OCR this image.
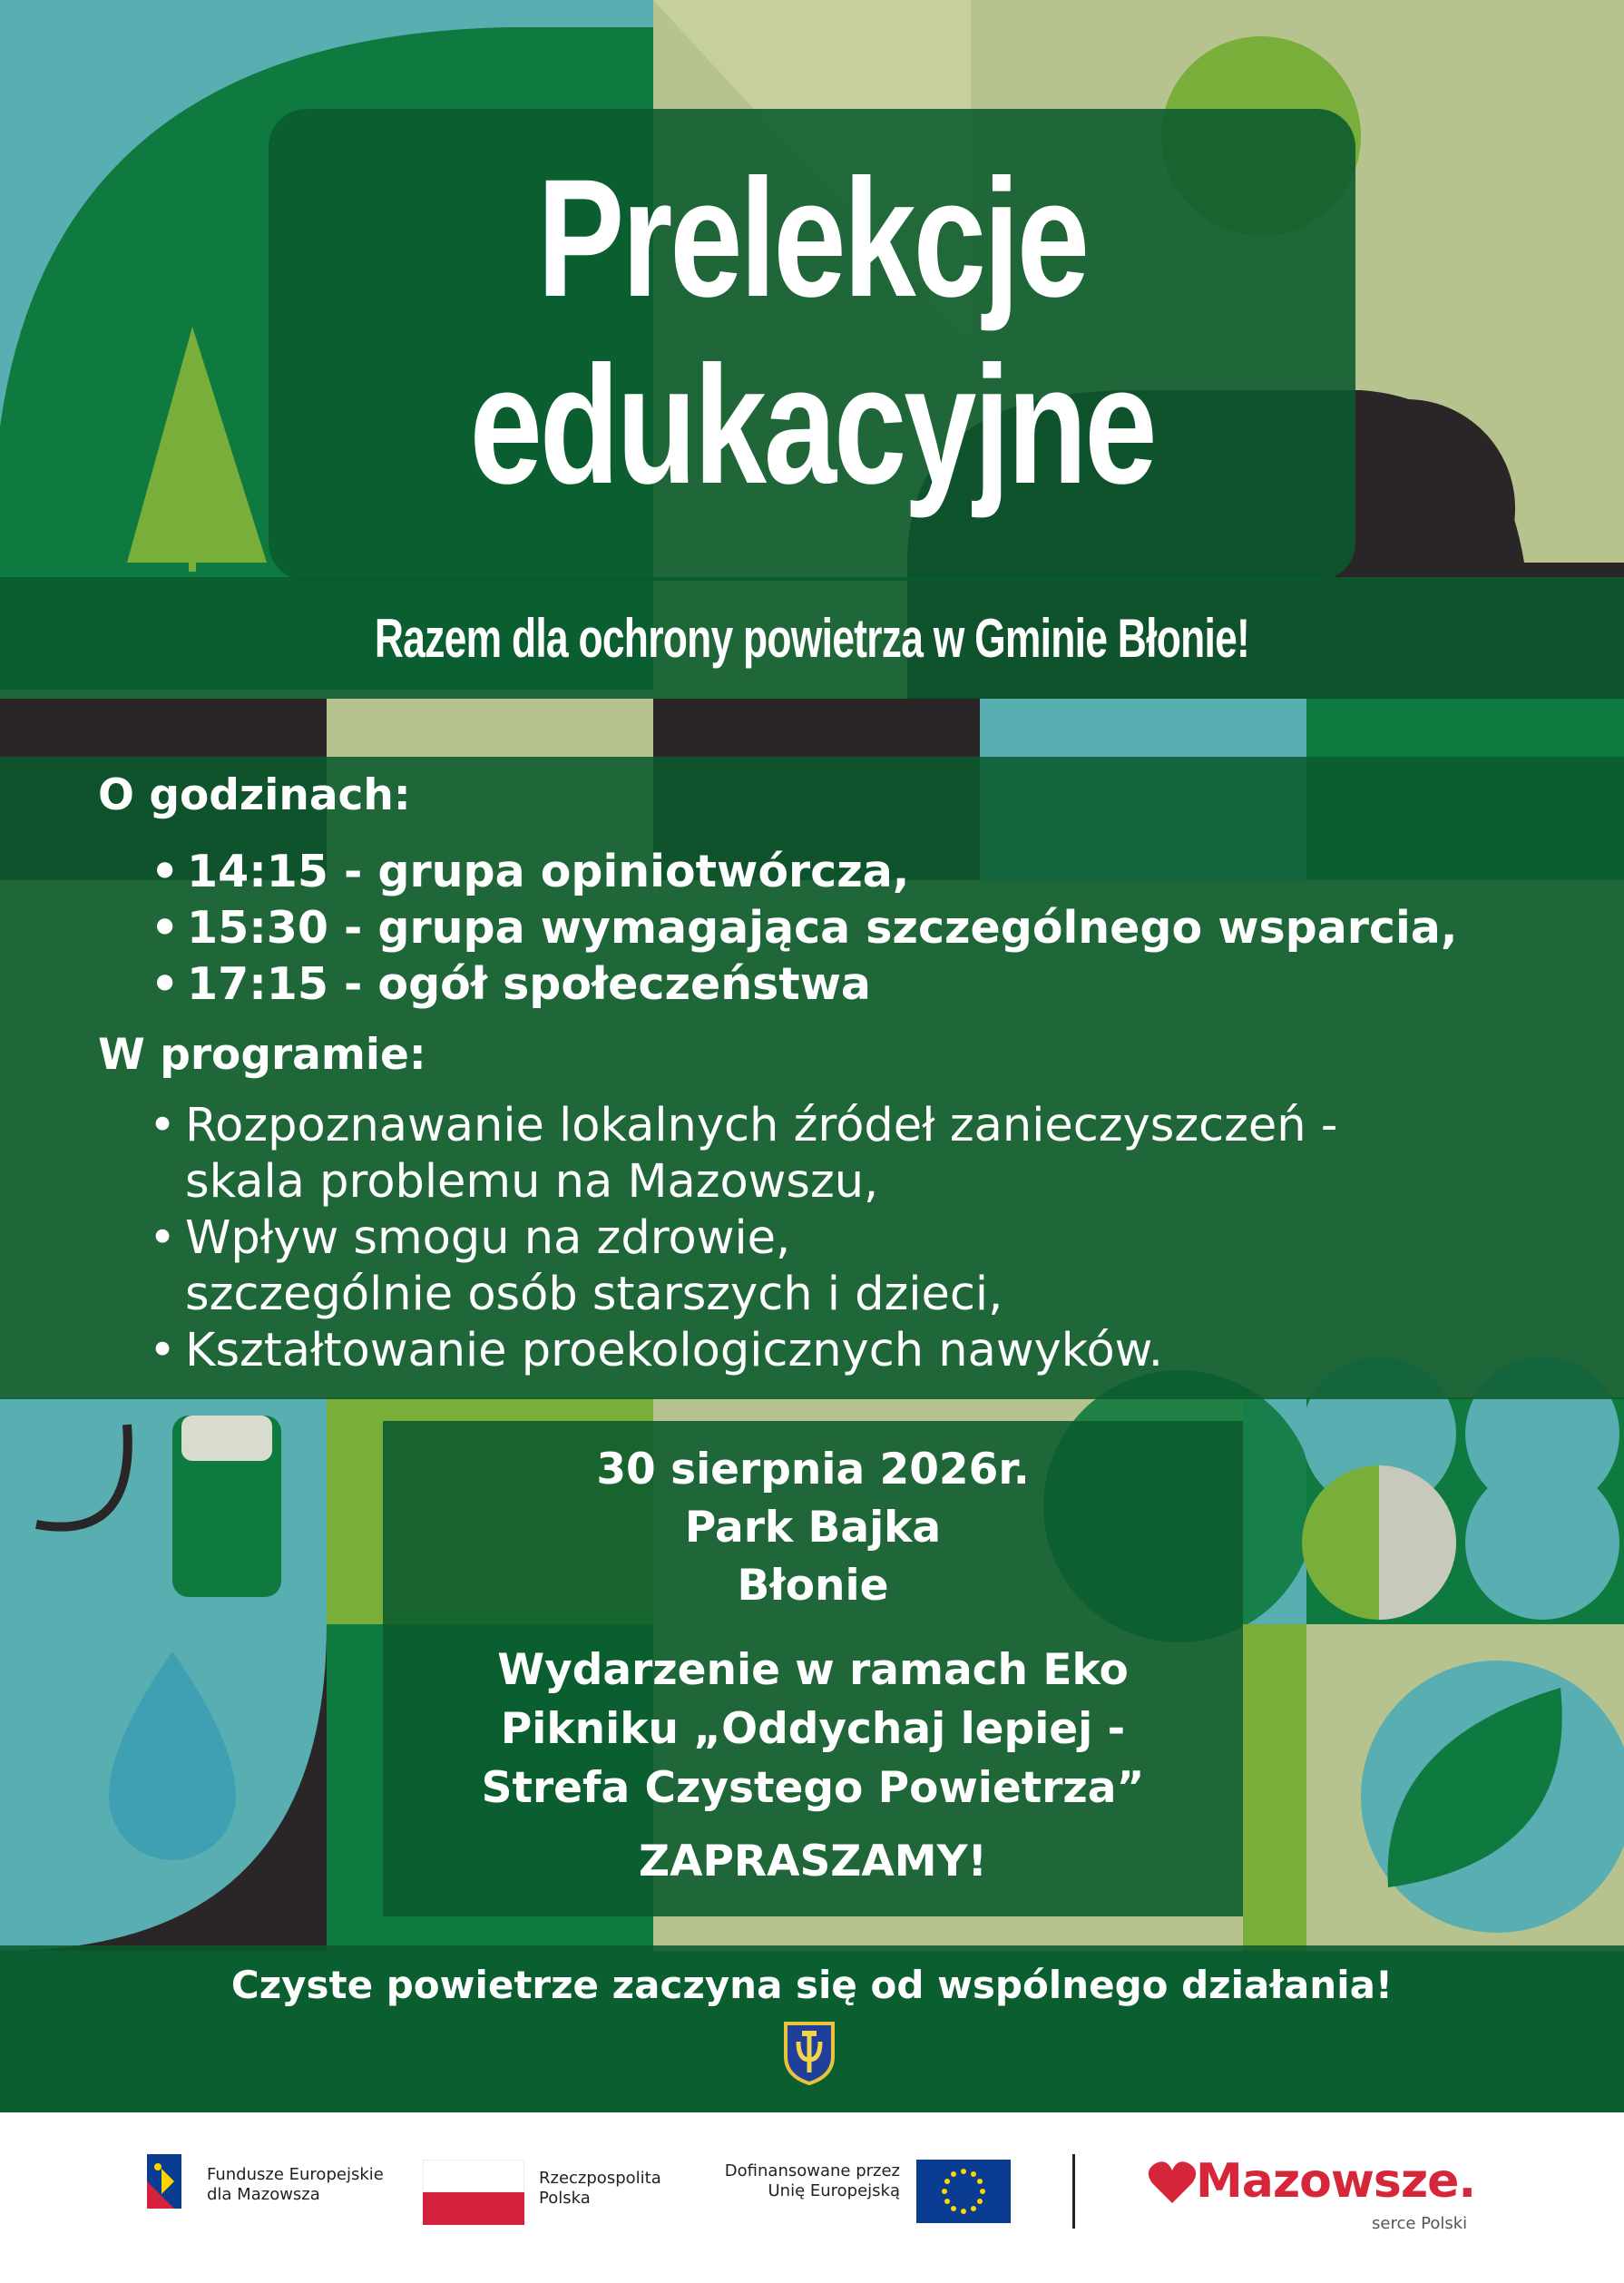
Prelekcje
edukacyjne
Razem dla ochrony powietrza w Gminie Błonie!

O godzinach:

• 14:15 - grupa opiniotwórcza,
• 15:30 - grupa wymagająca szczególnego wsparcia,
• 17:15 - ogół społeczeństwa

W programie:

• Rozpoznawanie lokalnych źródeł zanieczyszczeń -
skala problemu na Mazowszu,
• Wpływ smogu na zdrowie,
szczególnie osób starszych i dzieci,
• Kształtowanie proekologicznych nawyków.

30 sierpnia 2026r.

Park Bajka

Błonie

Wydarzenie w ramach Eko
Pikniku „Oddychaj lepiej -
Strefa Czystego Powietrza”

ZAPRASZAMY!

Czyste powietrze zaczyna się od wspólnego działania!

Fundusze Europejskie
dla Mazowsza

Rzeczpospolita
Polska

Dofinansowane przez
Unię Europejską	Mazowsze.

serce Polski
